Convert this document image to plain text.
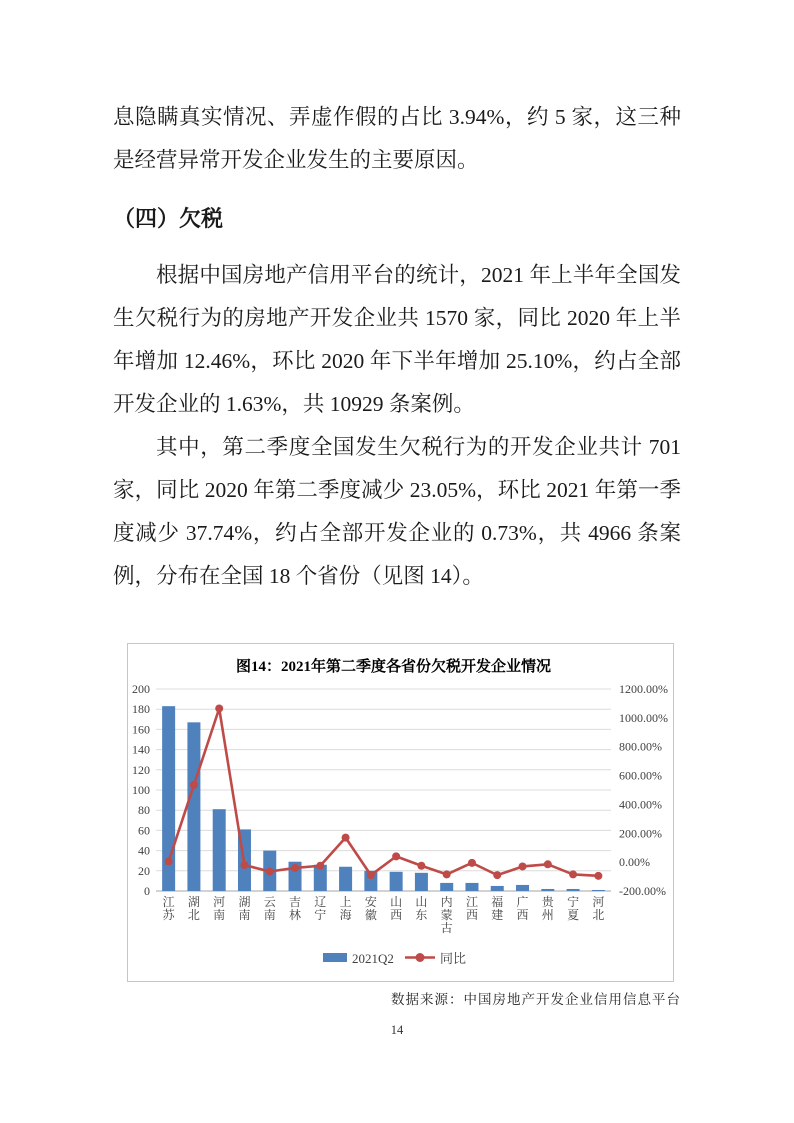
息隐瞒真实情况、弄虚作假的占比 3.94%，约 5 家，这三种是经营异常开发企业发生的主要原因。

（四）欠税

根据中国房地产信用平台的统计，2021 年上半年全国发生欠税行为的房地产开发企业共 1570 家，同比 2020 年上半年增加 12.46%，环比 2020 年下半年增加 25.10%，约占全部开发企业的 1.63%，共 10929 条案例。

其中，第二季度全国发生欠税行为的开发企业共计 701 家，同比 2020 年第二季度减少 23.05%，环比 2021 年第一季度减少 37.74%，约占全部开发企业的 0.73%，共 4966 条案例，分布在全国 18 个省份（见图 14）。

图14：2021年第二季度各省份欠税开发企业情况
0
20
40
60
80
100
120
140
160
180
200	1200.00%
1000.00%
800.00%
600.00%
400.00%
200.00%
0.00%
-200.00%
江苏
湖北
河南
湖南
云南
吉林
辽宁
上海
安徽
山西
山东
内蒙古
江西
福建
广西
贵州
宁夏
河北
2021Q2	同比
数据来源：中国房地产开发企业信用信息平台
14
